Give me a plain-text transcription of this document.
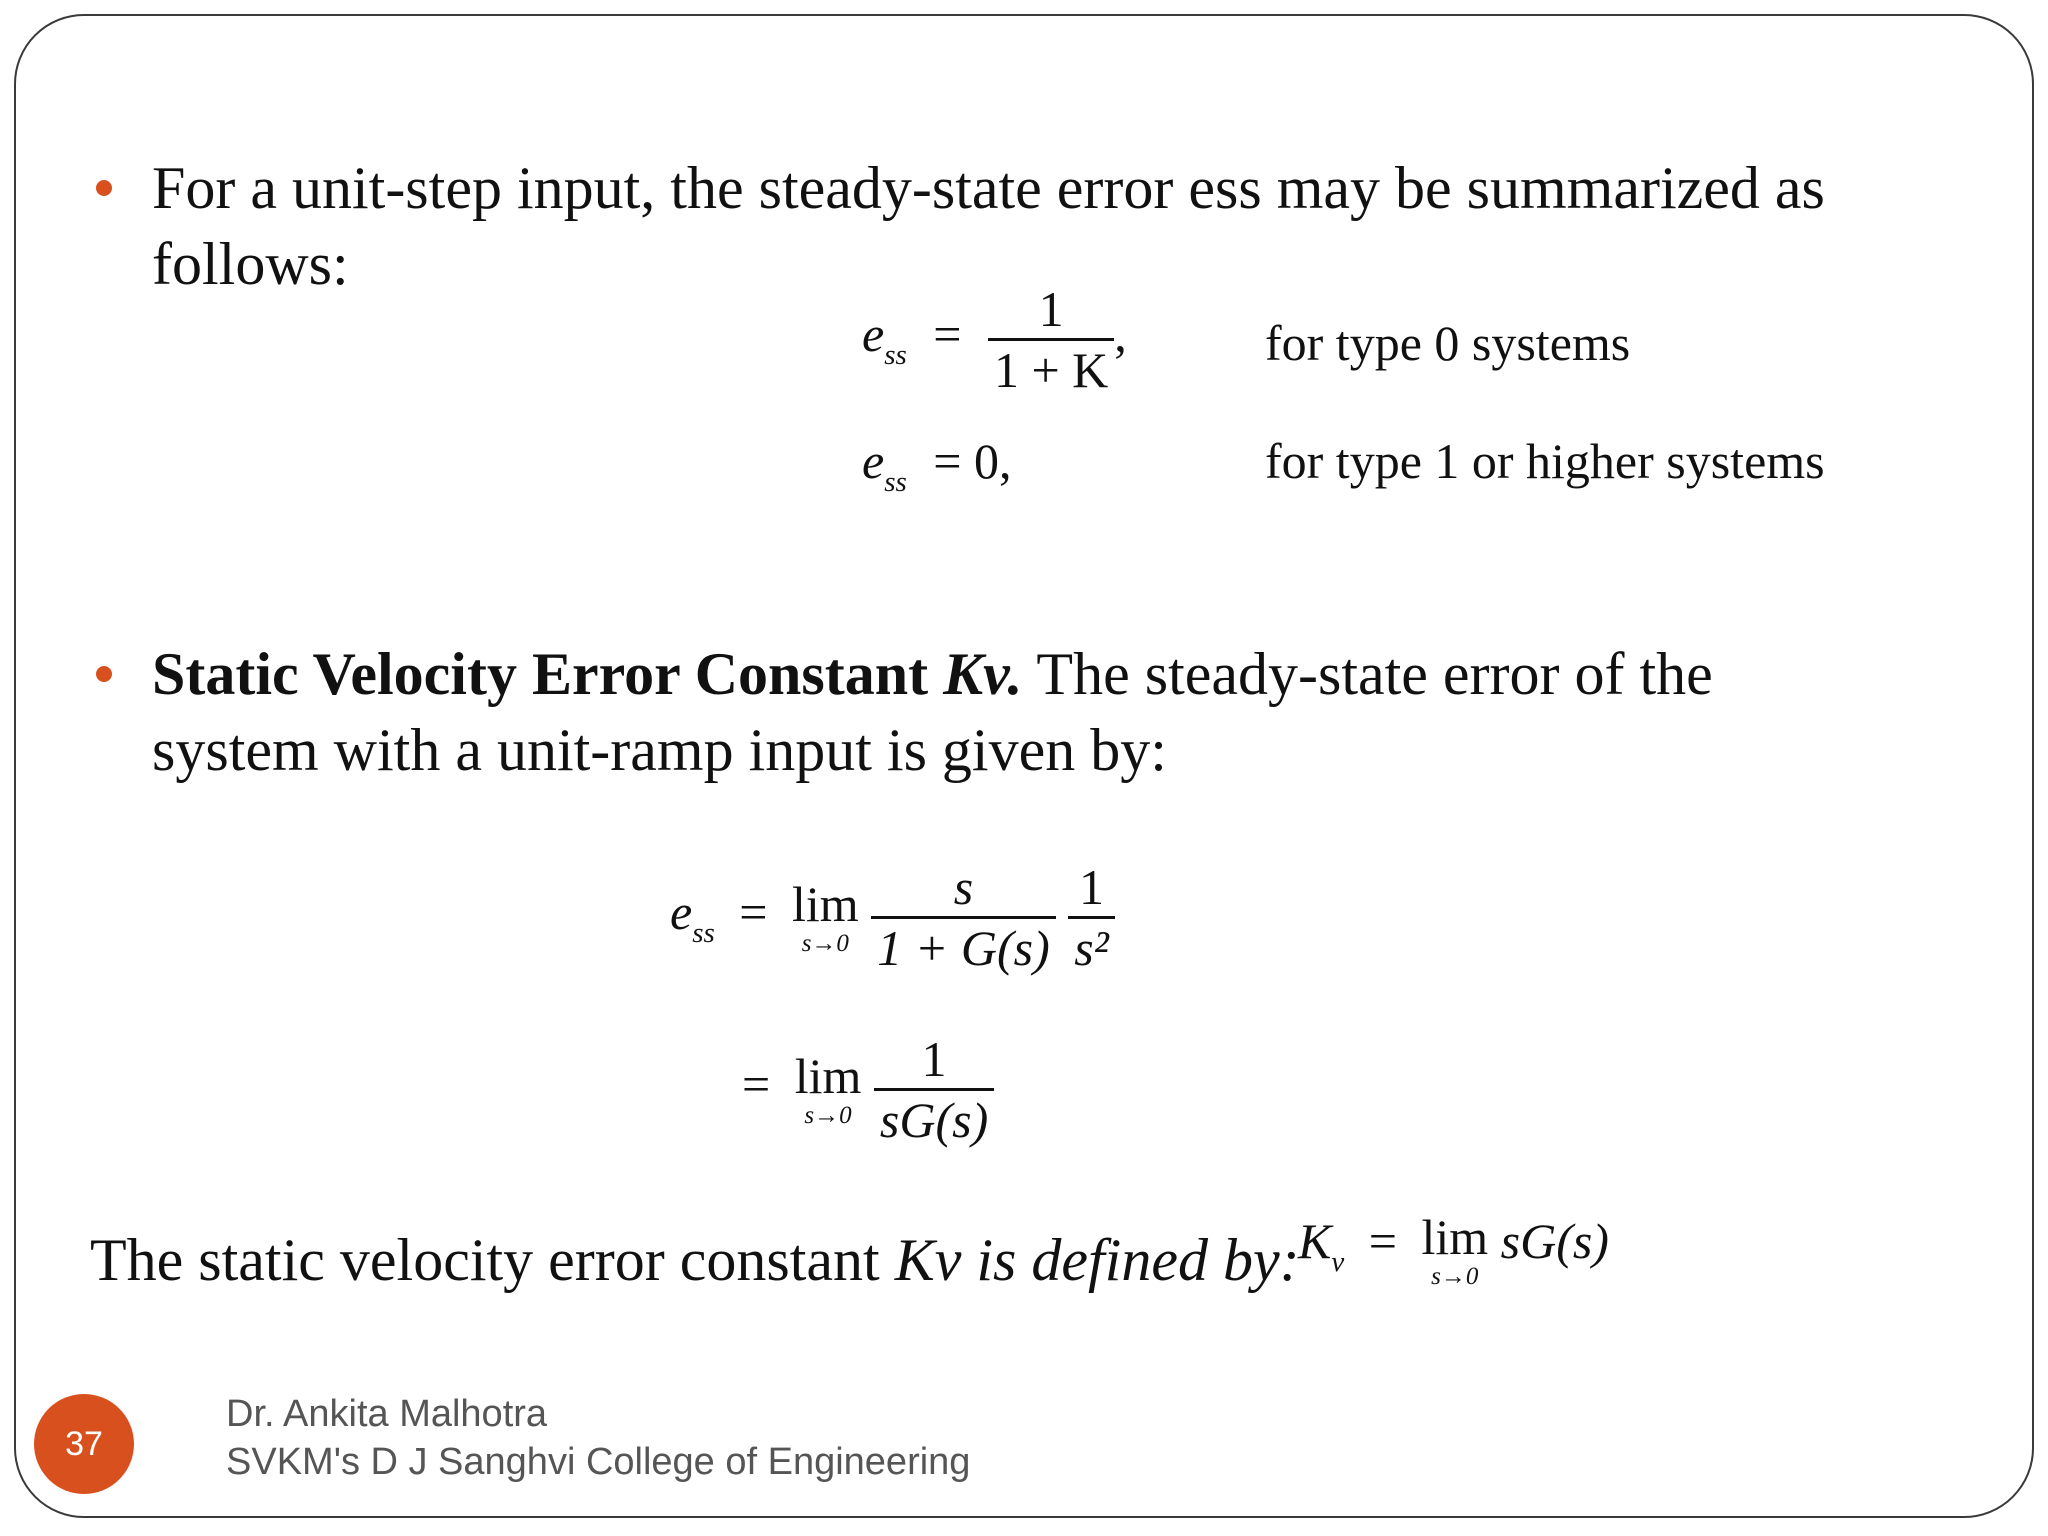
For a unit-step input, the steady-state error ess may be summarized as
follows:
$e_{ss} = \frac{1}{1 + K}$ ,	for type 0 systems
$e_{ss} = 0$,	for type 1 or higher systems
Static Velocity Error Constant Kv. The steady-state error of the
system with a unit-ramp input is given by:
$e_{ss} = \lim$
s→0
$\frac{s}{1 + G(s)}$
$\frac{1}{\text{s²}}$
= lim
s→0
$\frac{1}{sG(s)}$
The static velocity error constant Kv is defined by:
$K_v = \lim$
s→0
sG(s)
37
Dr. Ankita Malhotra
SVKM's D J Sanghvi College of Engineering
